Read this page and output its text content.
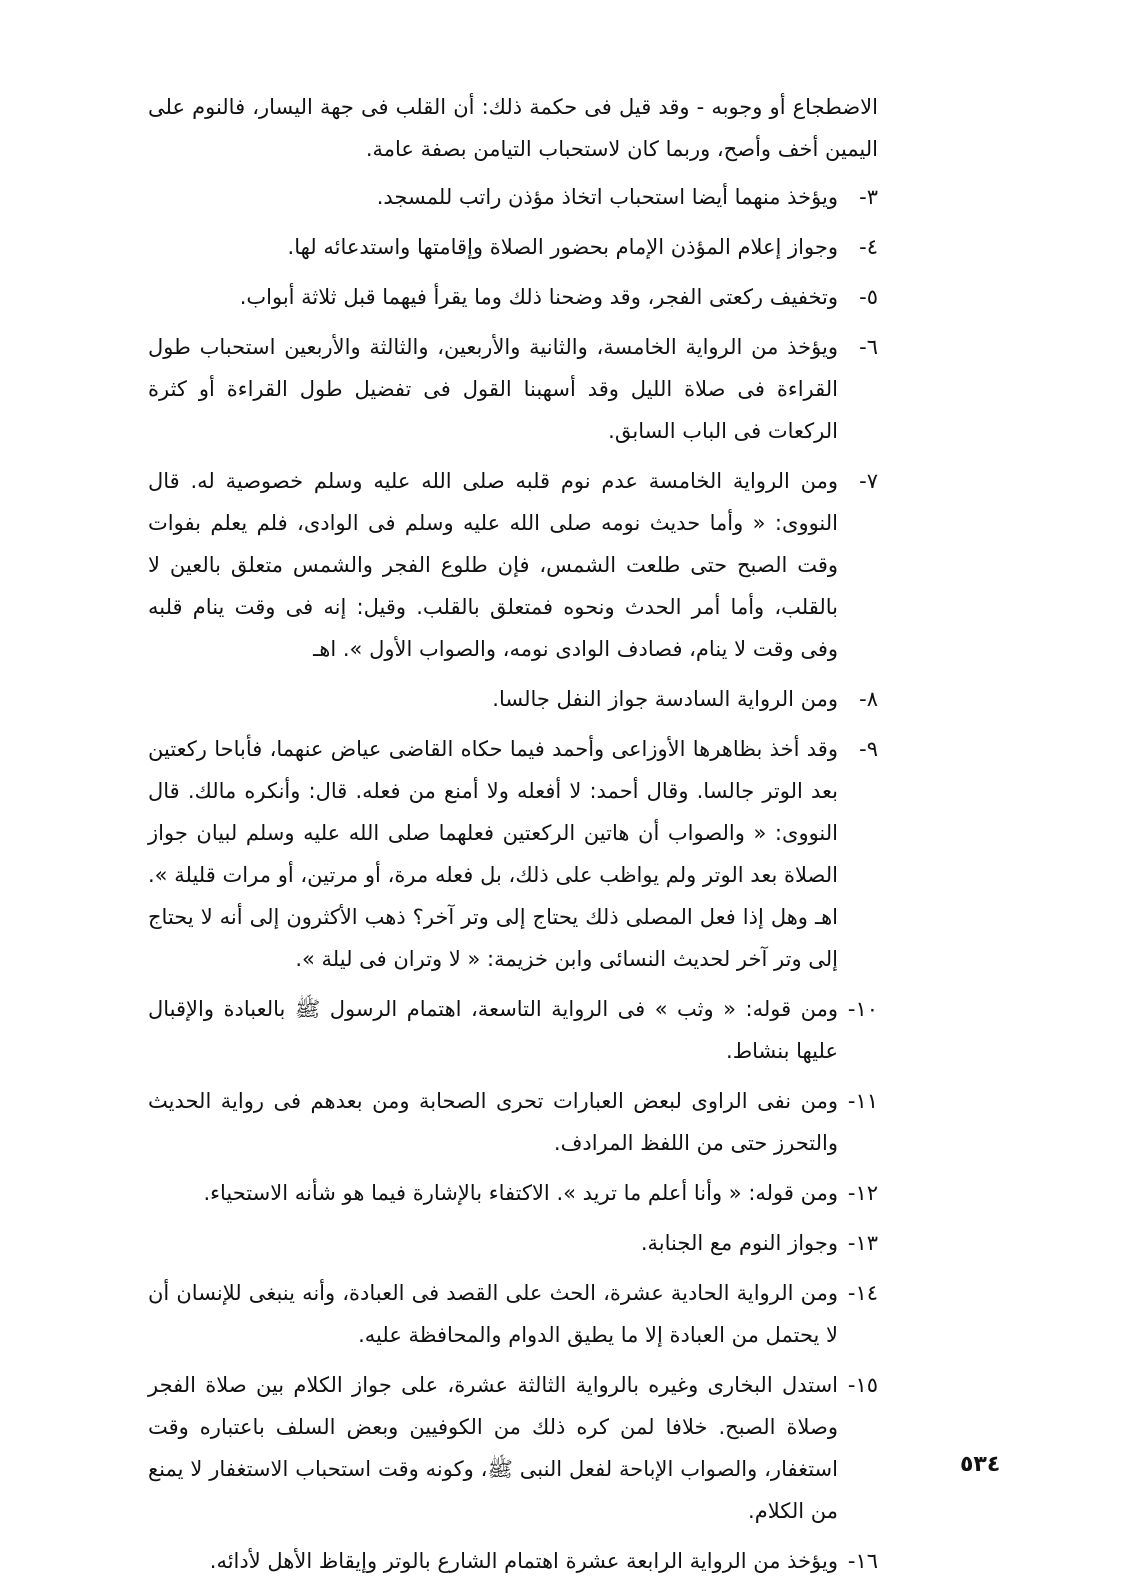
الاضطجاع أو وجوبه - وقد قيل فى حكمة ذلك: أن القلب فى جهة اليسار، فالنوم على اليمين أخف وأصح، وربما كان لاستحباب التيامن بصفة عامة.

٣-
ويؤخذ منهما أيضا استحباب اتخاذ مؤذن راتب للمسجد.
٤-
وجواز إعلام المؤذن الإمام بحضور الصلاة وإقامتها واستدعائه لها.
٥-
وتخفيف ركعتى الفجر، وقد وضحنا ذلك وما يقرأ فيهما قبل ثلاثة أبواب.
٦-
ويؤخذ من الرواية الخامسة، والثانية والأربعين، والثالثة والأربعين استحباب طول القراءة فى صلاة الليل وقد أسهبنا القول فى تفضيل طول القراءة أو كثرة الركعات فى الباب السابق.
٧-
ومن الرواية الخامسة عدم نوم قلبه صلى الله عليه وسلم خصوصية له. قال النووى: « وأما حديث نومه صلى الله عليه وسلم فى الوادى، فلم يعلم بفوات وقت الصبح حتى طلعت الشمس، فإن طلوع الفجر والشمس متعلق بالعين لا بالقلب، وأما أمر الحدث ونحوه فمتعلق بالقلب. وقيل: إنه فى وقت ينام قلبه وفى وقت لا ينام، فصادف الوادى نومه، والصواب الأول ». اهـ
٨-
ومن الرواية السادسة جواز النفل جالسا.
٩-
وقد أخذ بظاهرها الأوزاعى وأحمد فيما حكاه القاضى عياض عنهما، فأباحا ركعتين بعد الوتر جالسا. وقال أحمد: لا أفعله ولا أمنع من فعله. قال: وأنكره مالك. قال النووى: « والصواب أن هاتين الركعتين فعلهما صلى الله عليه وسلم لبيان جواز الصلاة بعد الوتر ولم يواظب على ذلك، بل فعله مرة، أو مرتين، أو مرات قليلة ». اهـ وهل إذا فعل المصلى ذلك يحتاج إلى وتر آخر؟ ذهب الأكثرون إلى أنه لا يحتاج إلى وتر آخر لحديث النسائى وابن خزيمة: « لا وتران فى ليلة ».
١٠-
ومن قوله: « وثب » فى الرواية التاسعة، اهتمام الرسول ﷺ بالعبادة والإقبال عليها بنشاط.
١١-
ومن نفى الراوى لبعض العبارات تحرى الصحابة ومن بعدهم فى رواية الحديث والتحرز حتى من اللفظ المرادف.
١٢-
ومن قوله: « وأنا أعلم ما تريد ». الاكتفاء بالإشارة فيما هو شأنه الاستحياء.
١٣-
وجواز النوم مع الجنابة.
١٤-
ومن الرواية الحادية عشرة، الحث على القصد فى العبادة، وأنه ينبغى للإنسان أن لا يحتمل من العبادة إلا ما يطيق الدوام والمحافظة عليه.
١٥-
استدل البخارى وغيره بالرواية الثالثة عشرة، على جواز الكلام بين صلاة الفجر وصلاة الصبح. خلافا لمن كره ذلك من الكوفيين وبعض السلف باعتباره وقت استغفار، والصواب الإباحة لفعل النبى ﷺ، وكونه وقت استحباب الاستغفار لا يمنع من الكلام.
١٦-
ويؤخذ من الرواية الرابعة عشرة اهتمام الشارع بالوتر وإيقاظ الأهل لأدائه.
٥٣٤
